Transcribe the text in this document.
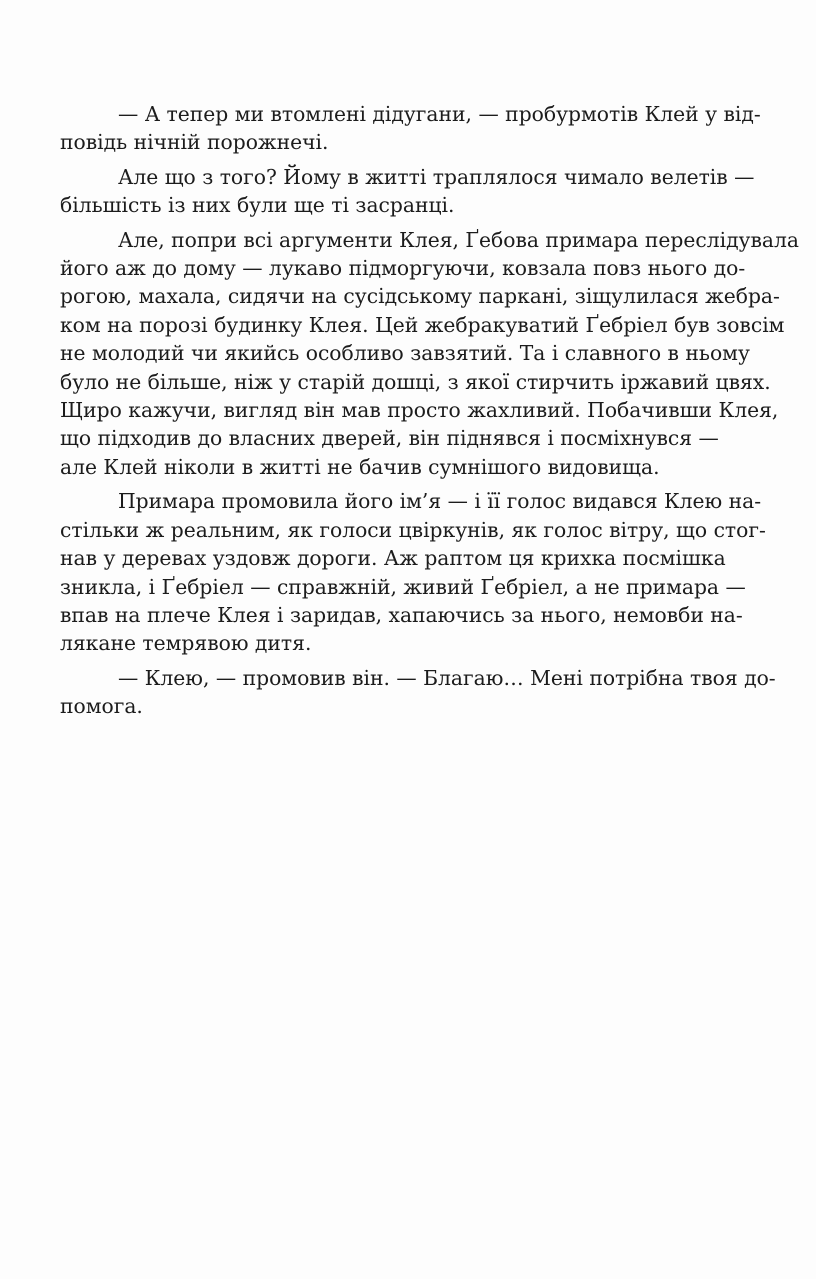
— А тепер ми втомлені дідугани, — пробурмотів Клей у від-
повідь нічній порожнечі.
Але що з того? Йому в житті траплялося чимало велетів —
більшість із них були ще ті засранці.
Але, попри всі аргументи Клея, Ґебова примара переслідувала
його аж до дому — лукаво підморгуючи, ковзала повз нього до-
рогою, махала, сидячи на сусідському паркані, зіщулилася жебра-
ком на порозі будинку Клея. Цей жебракуватий Ґебріел був зовсім
не молодий чи якийсь особливо завзятий. Та і славного в ньому
було не більше, ніж у старій дошці, з якої стирчить іржавий цвях.
Щиро кажучи, вигляд він мав просто жахливий. Побачивши Клея,
що підходив до власних дверей, він піднявся і посміхнувся —
але Клей ніколи в житті не бачив сумнішого видовища.
Примара промовила його ім’я — і її голос видався Клею на-
стільки ж реальним, як голоси цвіркунів, як голос вітру, що стог-
нав у деревах уздовж дороги. Аж раптом ця крихка посмішка
зникла, і Ґебріел — справжній, живий Ґебріел, а не примара —
впав на плече Клея і заридав, хапаючись за нього, немовби на-
лякане темрявою дитя.
— Клею, — промовив він. — Благаю… Мені потрібна твоя до-
помога.
